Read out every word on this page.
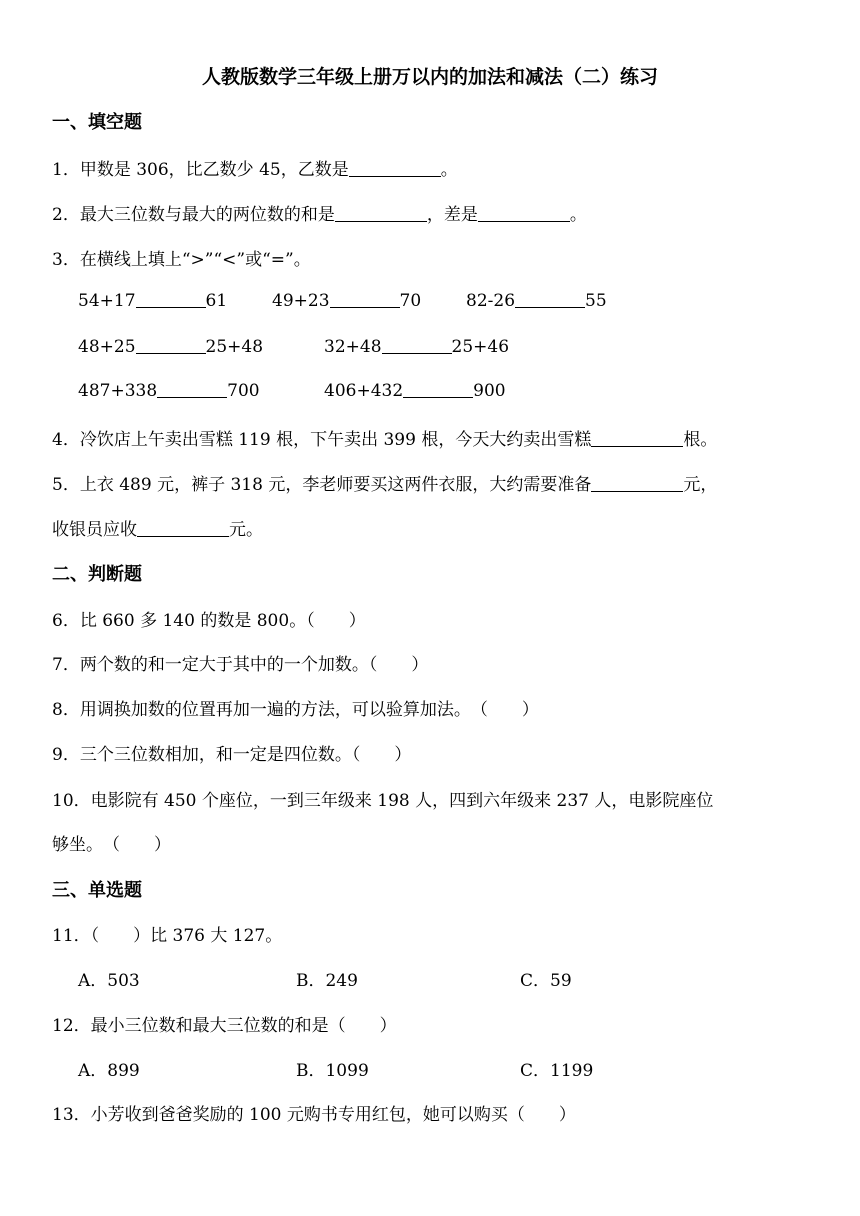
人教版数学三年级上册万以内的加法和减法（二）练习
一、填空题
1．甲数是 306，比乙数少 45，乙数是	。
2．最大三位数与最大的两位数的和是	，差是	。
3．在横线上填上“>”“<”或“=”。
54+17	61	49+23	70	82-26	55
48+25	25+48	32+48	25+46
487+338	700	406+432	900
4．冷饮店上午卖出雪糕 119 根，下午卖出 399 根，今天大约卖出雪糕	根。
5．上衣 489 元，裤子 318 元，李老师要买这两件衣服，大约需要准备	元，
收银员应收	元。
二、判断题
6．比 660 多 140 的数是 800。（　　）
7．两个数的和一定大于其中的一个加数。（　　）
8．用调换加数的位置再加一遍的方法，可以验算加法。　（　　）
9．三个三位数相加，和一定是四位数。（　　）
10．电影院有 450 个座位，一到三年级来 198 人，四到六年级来 237 人，电影院座位
够坐。　（　　）
三、单选题
11．（　　）比 376 大 127。
A．503	B．249	C．59
12．最小三位数和最大三位数的和是（　　）
A．899	B．1099	C．1199
13．小芳收到爸爸奖励的 100 元购书专用红包，她可以购买（　　）
